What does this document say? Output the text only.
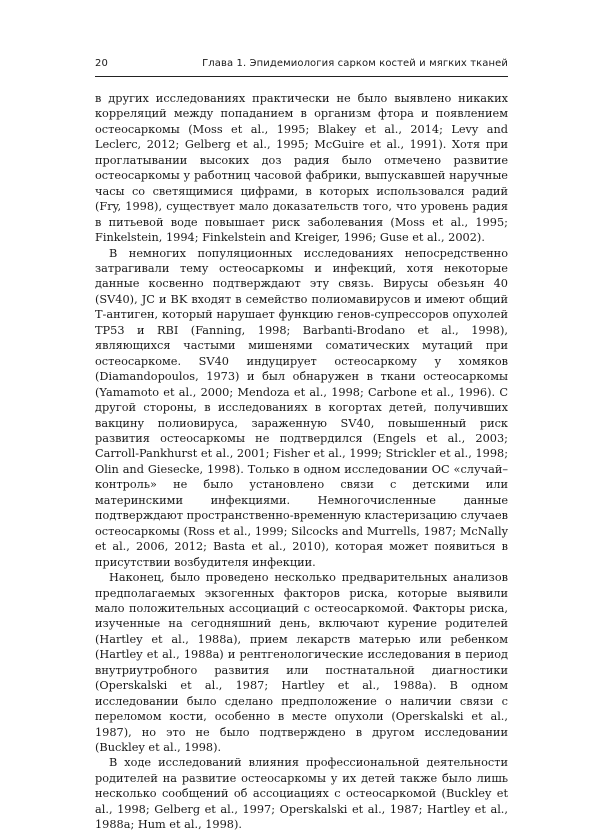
20	Глава 1. Эпидемиология сарком костей и мягких тканей

в других исследованиях практически не было выявлено никаких корреляций между попаданием в организм фтора и появлением остеосаркомы (Moss et al., 1995; Blakey et al., 2014; Levy and Leclerc, 2012; Gelberg et al., 1995; McGuire et al., 1991). Хотя при проглатывании высоких доз радия было отмечено развитие остеосаркомы у работниц часовой фабрики, выпускавшей наручные часы со светящимися цифрами, в которых использовался радий (Fry, 1998), существует мало доказательств того, что уровень радия в питьевой воде повышает риск заболевания (Moss et al., 1995; Finkelstein, 1994; Finkelstein and Kreiger, 1996; Guse et al., 2002).

В немногих популяционных исследованиях непосредственно затрагивали тему остеосаркомы и инфекций, хотя некоторые данные косвенно подтверждают эту связь. Вирусы обезьян 40 (SV40), JC и BK входят в семейство полиомавирусов и имеют общий Т-антиген, который нарушает функцию генов-супрессоров опухолей TP53 и RBI (Fanning, 1998; Barbanti-Brodano et al., 1998), являющихся частыми мишенями соматических мутаций при остеосаркоме. SV40 индуцирует остеосаркому у хомяков (Diamandopoulos, 1973) и был обнаружен в ткани остеосаркомы (Yamamoto et al., 2000; Mendoza et al., 1998; Carbone et al., 1996). С другой стороны, в исследованиях в когортах детей, получивших вакцину полиовируса, зараженную SV40, повышенный риск развития остеосаркомы не подтвердился (Engels et al., 2003; Carroll-Pankhurst et al., 2001; Fisher et al., 1999; Strickler et al., 1998; Olin and Giesecke, 1998). Только в одном исследовании ОС «случай–контроль» не было установлено связи с детскими или материнскими инфекциями. Немногочисленные данные подтверждают пространственно-временную кластеризацию случаев остеосаркомы (Ross et al., 1999; Silcocks and Murrells, 1987; McNally et al., 2006, 2012; Basta et al., 2010), которая может появиться в присутствии возбудителя инфекции.

Наконец, было проведено несколько предварительных анализов предполагаемых экзогенных факторов риска, которые выявили мало положительных ассоциаций с остеосаркомой. Факторы риска, изученные на сегодняшний день, включают курение родителей (Hartley et al., 1988a), прием лекарств матерью или ребенком (Hartley et al., 1988a) и рентгенологические исследования в период внутриутробного развития или постнатальной диагностики (Operskalski et al., 1987; Hartley et al., 1988a). В одном исследовании было сделано предположение о наличии связи с переломом кости, особенно в месте опухоли (Operskalski et al., 1987), но это не было подтверждено в другом исследовании (Buckley et al., 1998).

В ходе исследований влияния профессиональной деятельности родителей на развитие остеосаркомы у их детей также было лишь несколько сообщений об ассоциациях с остеосаркомой (Buckley et al., 1998; Gelberg et al., 1997; Operskalski et al., 1987; Hartley et al., 1988a; Hum et al., 1998).
